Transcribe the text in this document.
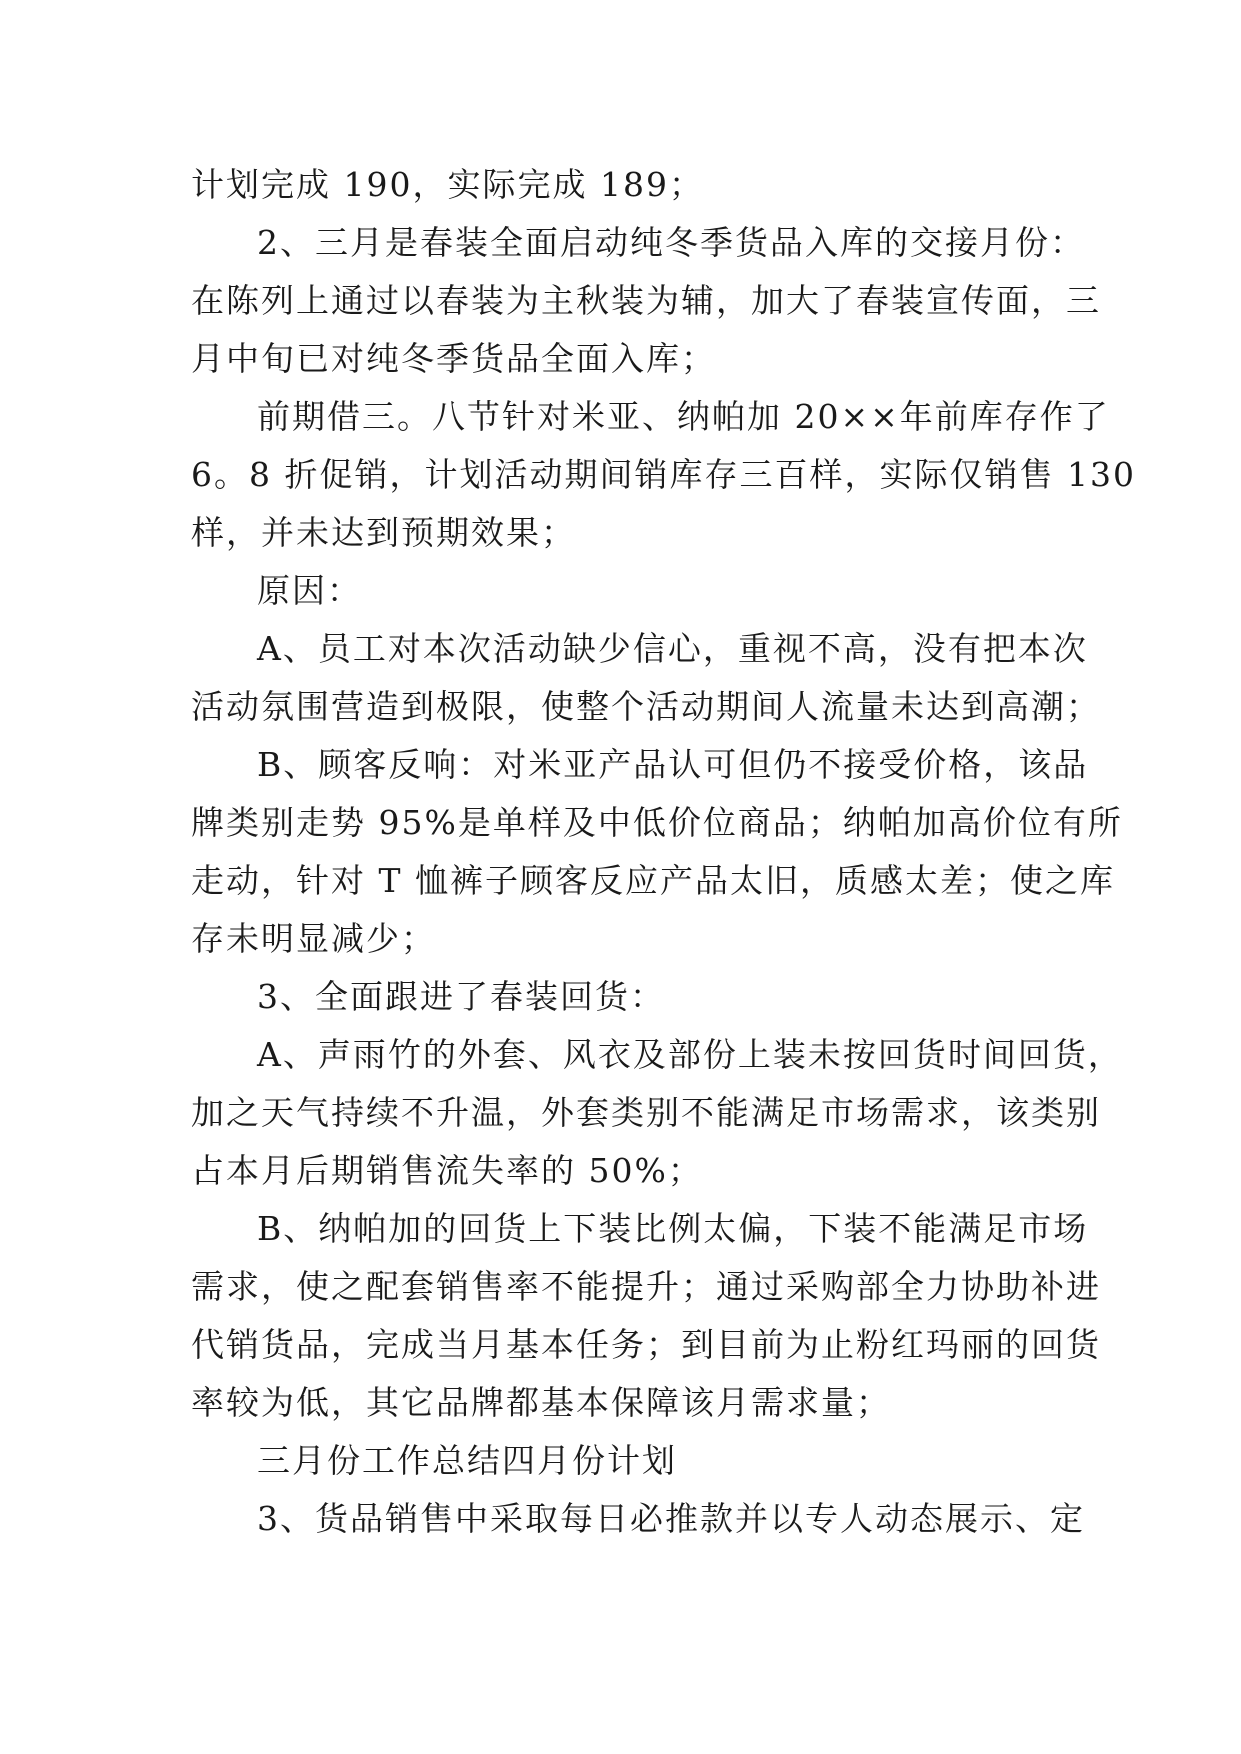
计划完成 190，实际完成 189；
2、三月是春装全面启动纯冬季货品入库的交接月份：
在陈列上通过以春装为主秋装为辅，加大了春装宣传面，三
月中旬已对纯冬季货品全面入库；
前期借三。八节针对米亚、纳帕加 20××年前库存作了
6。8 折促销，计划活动期间销库存三百样，实际仅销售 130
样，并未达到预期效果；
原因：
A、员工对本次活动缺少信心，重视不高，没有把本次
活动氛围营造到极限，使整个活动期间人流量未达到高潮；
B、顾客反响：对米亚产品认可但仍不接受价格，该品
牌类别走势 95%是单样及中低价位商品；纳帕加高价位有所
走动，针对 T 恤裤子顾客反应产品太旧，质感太差；使之库
存未明显减少；
3、全面跟进了春装回货：
A、声雨竹的外套、风衣及部份上装未按回货时间回货，
加之天气持续不升温，外套类别不能满足市场需求，该类别
占本月后期销售流失率的 50%；
B、纳帕加的回货上下装比例太偏，下装不能满足市场
需求，使之配套销售率不能提升；通过采购部全力协助补进
代销货品，完成当月基本任务；到目前为止粉红玛丽的回货
率较为低，其它品牌都基本保障该月需求量；
三月份工作总结四月份计划
3、货品销售中采取每日必推款并以专人动态展示、定
